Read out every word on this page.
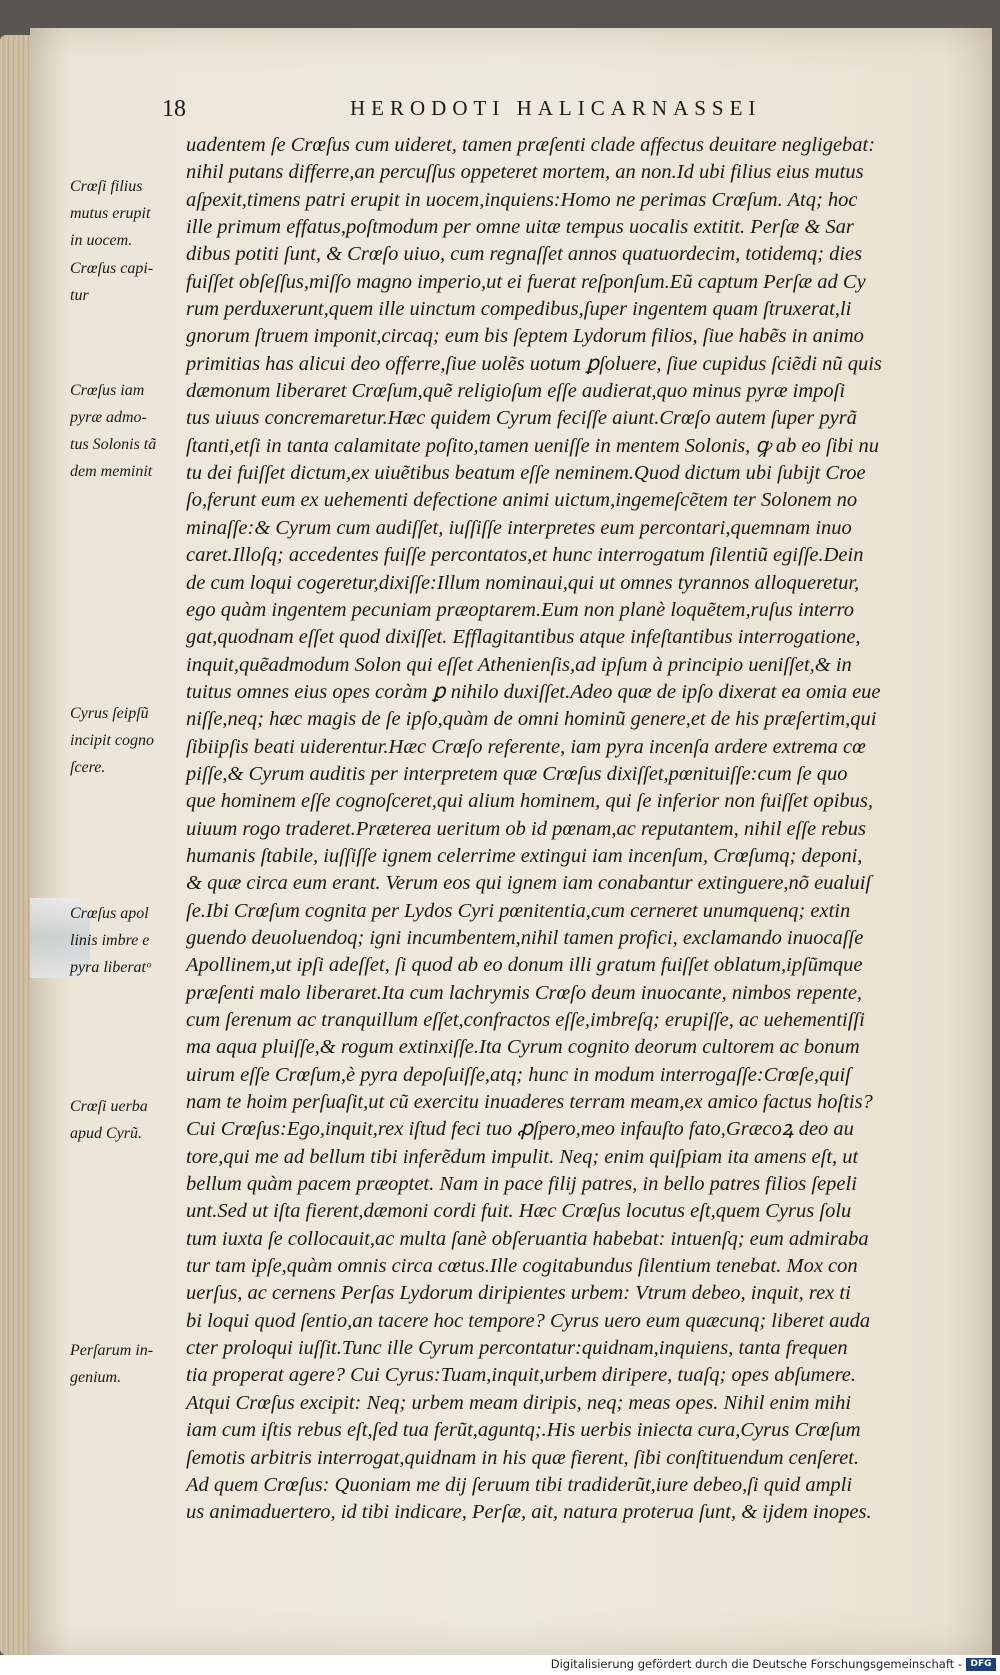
18	HERODOTI HALICARNASSEI
uadentem ſe Crœſus cum uideret, tamen præſenti clade affectus deuitare negligebat:
nihil putans differre,an percuſſus oppeteret mortem, an non.Id ubi filius eius mutus
aſpexit,timens patri erupit in uocem,inquiens:Homo ne perimas Crœſum. Atq; hoc
ille primum effatus,poſtmodum per omne uitæ tempus uocalis extitit. Perſæ & Sar
dibus potiti ſunt, & Crœſo uiuo, cum regnaſſet annos quatuordecim, totidemq; dies
fuiſſet obſeſſus,miſſo magno imperio,ut ei fuerat reſponſum.Eũ captum Perſæ ad Cy
rum perduxerunt,quem ille uinctum compedibus,ſuper ingentem quam ſtruxerat,li
gnorum ſtruem imponit,circaq; eum bis ſeptem Lydorum filios, ſiue habẽs in animo
primitias has alicui deo offerre,ſiue uolẽs uotum ꝑſoluere, ſiue cupidus ſciẽdi nũ quis
dæmonum liberaret Crœſum,quẽ religioſum eſſe audierat,quo minus pyræ impoſi
tus uiuus concremaretur.Hæc quidem Cyrum feciſſe aiunt.Crœſo autem ſuper pyrã
ſtanti,etſi in tanta calamitate poſito,tamen ueniſſe in mentem Solonis, ꝙ ab eo ſibi nu
tu dei fuiſſet dictum,ex uiuẽtibus beatum eſſe neminem.Quod dictum ubi ſubijt Croe
ſo,ferunt eum ex uehementi defectione animi uictum,ingemeſcẽtem ter Solonem no
minaſſe:& Cyrum cum audiſſet, iuſſiſſe interpretes eum percontari,quemnam inuo
caret.Illoſq; accedentes fuiſſe percontatos,et hunc interrogatum ſilentiũ egiſſe.Dein
de cum loqui cogeretur,dixiſſe:Illum nominaui,qui ut omnes tyrannos alloqueretur,
ego quàm ingentem pecuniam præoptarem.Eum non planè loquẽtem,ruſus interro
gat,quodnam eſſet quod dixiſſet. Efflagitantibus atque infeſtantibus interrogatione,
inquit,quẽadmodum Solon qui eſſet Athenienſis,ad ipſum à principio ueniſſet,& in
tuitus omnes eius opes coràm ꝑ nihilo duxiſſet.Adeo quæ de ipſo dixerat ea omia eue
niſſe,neq; hæc magis de ſe ipſo,quàm de omni hominũ genere,et de his præſertim,qui
ſibiipſis beati uiderentur.Hæc Crœſo referente, iam pyra incenſa ardere extrema cœ
piſſe,& Cyrum auditis per interpretem quæ Crœſus dixiſſet,pœnituiſſe:cum ſe quo
que hominem eſſe cognoſceret,qui alium hominem, qui ſe inferior non fuiſſet opibus,
uiuum rogo traderet.Præterea ueritum ob id pœnam,ac reputantem, nihil eſſe rebus
humanis ſtabile, iuſſiſſe ignem celerrime extingui iam incenſum, Crœſumq; deponi,
& quæ circa eum erant. Verum eos qui ignem iam conabantur extinguere,nõ eualuiſ
ſe.Ibi Crœſum cognita per Lydos Cyri pœnitentia,cum cerneret unumquenq; extin
guendo deuoluendoq; igni incumbentem,nihil tamen profici, exclamando inuocaſſe
Apollinem,ut ipſi adeſſet, ſi quod ab eo donum illi gratum fuiſſet oblatum,ipſũmque
præſenti malo liberaret.Ita cum lachrymis Crœſo deum inuocante, nimbos repente,
cum ſerenum ac tranquillum eſſet,confractos eſſe,imbreſq; erupiſſe, ac uehementiſſi
ma aqua pluiſſe,& rogum extinxiſſe.Ita Cyrum cognito deorum cultorem ac bonum
uirum eſſe Crœſum,è pyra depoſuiſſe,atq; hunc in modum interrogaſſe:Crœſe,quiſ
nam te hoim perſuaſit,ut cũ exercitu inuaderes terram meam,ex amico factus hoſtis?
Cui Crœſus:Ego,inquit,rex iſtud feci tuo ꝓſpero,meo infauſto fato,Græcoꝝ deo au
tore,qui me ad bellum tibi inferẽdum impulit. Neq; enim quiſpiam ita amens eſt, ut
bellum quàm pacem præoptet. Nam in pace filij patres, in bello patres filios ſepeli
unt.Sed ut iſta fierent,dæmoni cordi fuit. Hæc Crœſus locutus eſt,quem Cyrus ſolu
tum iuxta ſe collocauit,ac multa ſanè obſeruantia habebat: intuenſq; eum admiraba
tur tam ipſe,quàm omnis circa cœtus.Ille cogitabundus ſilentium tenebat. Mox con
uerſus, ac cernens Perſas Lydorum diripientes urbem: Vtrum debeo, inquit, rex ti
bi loqui quod ſentio,an tacere hoc tempore? Cyrus uero eum quæcunq; liberet auda
cter proloqui iuſſit.Tunc ille Cyrum percontatur:quidnam,inquiens, tanta frequen
tia properat agere? Cui Cyrus:Tuam,inquit,urbem diripere, tuaſq; opes abſumere.
Atqui Crœſus excipit: Neq; urbem meam diripis, neq; meas opes. Nihil enim mihi
iam cum iſtis rebus eſt,ſed tua ferũt,aguntq;.His uerbis iniecta cura,Cyrus Crœſum
ſemotis arbitris interrogat,quidnam in his quæ fierent, ſibi conſtituendum cenſeret.
Ad quem Crœſus: Quoniam me dij ſeruum tibi tradiderũt,iure debeo,ſi quid ampli
us animaduertero, id tibi indicare, Perſæ, ait, natura proterua ſunt, & ijdem inopes.
Crœſi filius
mutus erupit
in uocem.
Crœſus capi-
tur
Crœſus iam
pyræ admo-
tus Solonis tã
dem meminit
Cyrus ſeipſũ
incipit cogno
ſcere.
Crœſus apol
linis imbre e
pyra liberatᵒ
Crœſi uerba
apud Cyrũ.
Perſarum in-
genium.
Digitalisierung gefördert durch die Deutsche Forschungsgemeinschaft - DFG
